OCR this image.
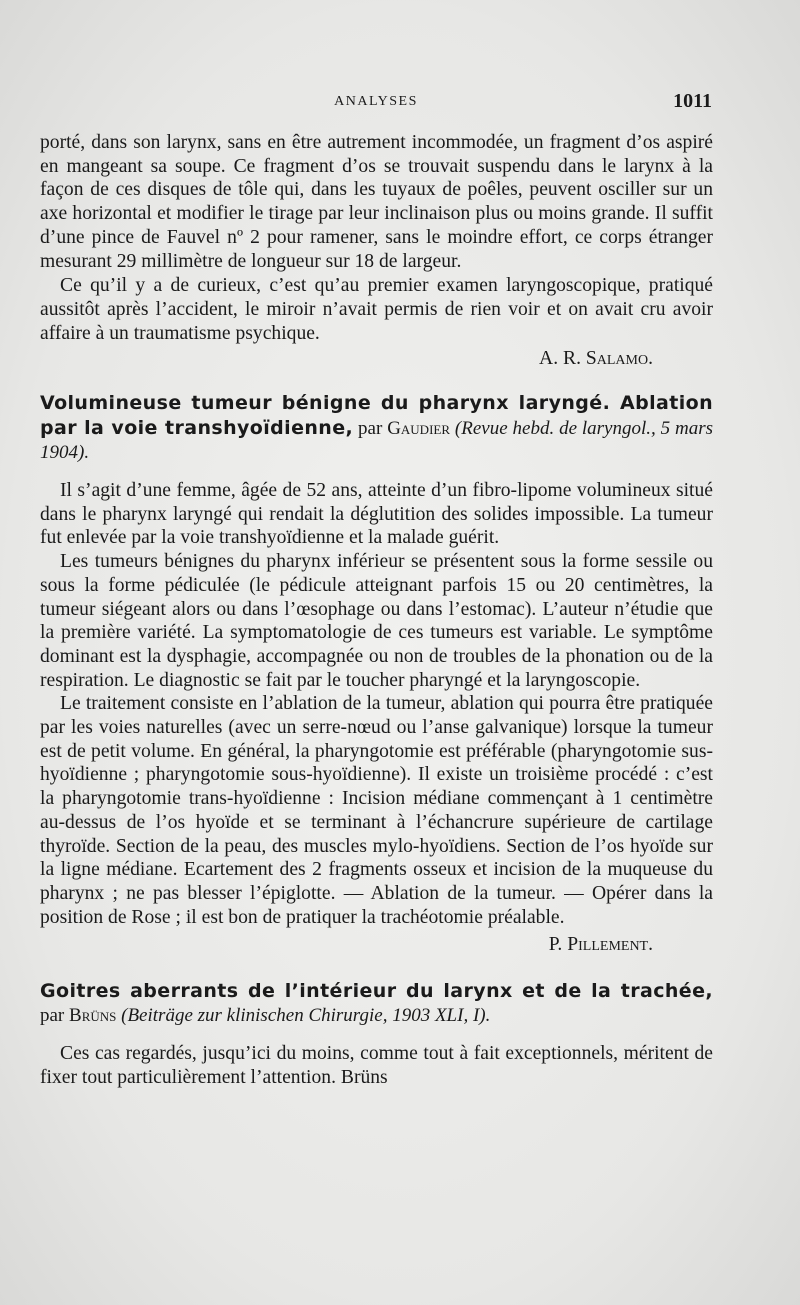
ANALYSES	1011

porté, dans son larynx, sans en être autrement incommodée, un fragment d’os aspiré en mangeant sa soupe. Ce fragment d’os se trouvait suspendu dans le larynx à la façon de ces disques de tôle qui, dans les tuyaux de poêles, peuvent osciller sur un axe horizontal et modifier le tirage par leur inclinaison plus ou moins grande. Il suffit d’une pince de Fauvel nº 2 pour ramener, sans le moindre effort, ce corps étranger mesurant 29 millimètre de longueur sur 18 de largeur.

Ce qu’il y a de curieux, c’est qu’au premier examen laryngoscopique, pratiqué aussitôt après l’accident, le miroir n’avait permis de rien voir et on avait cru avoir affaire à un traumatisme psychique.

A. R. Salamo.

Volumineuse tumeur bénigne du pharynx laryngé. Ablation par la voie transhyoïdienne, par Gaudier (Revue hebd. de laryngol., 5 mars 1904).

Il s’agit d’une femme, âgée de 52 ans, atteinte d’un fibro-lipome volumineux situé dans le pharynx laryngé qui rendait la déglutition des solides impossible. La tumeur fut enlevée par la voie transhyoïdienne et la malade guérit.

Les tumeurs bénignes du pharynx inférieur se présentent sous la forme sessile ou sous la forme pédiculée (le pédicule atteignant parfois 15 ou 20 centimètres, la tumeur siégeant alors ou dans l’œsophage ou dans l’estomac). L’auteur n’étudie que la première variété. La symptomatologie de ces tumeurs est variable. Le symptôme dominant est la dysphagie, accompagnée ou non de troubles de la phonation ou de la respiration. Le diagnostic se fait par le toucher pharyngé et la laryngoscopie.

Le traitement consiste en l’ablation de la tumeur, ablation qui pourra être pratiquée par les voies naturelles (avec un serre-nœud ou l’anse galvanique) lorsque la tumeur est de petit volume. En général, la pharyngotomie est préférable (pharyngotomie sus-hyoïdienne ; pharyngotomie sous-hyoïdienne). Il existe un troisième procédé : c’est la pharyngotomie trans-hyoïdienne : Incision médiane commençant à 1 centimètre au-dessus de l’os hyoïde et se terminant à l’échancrure supérieure de cartilage thyroïde. Section de la peau, des muscles mylo-hyoïdiens. Section de l’os hyoïde sur la ligne médiane. Ecartement des 2 fragments osseux et incision de la muqueuse du pharynx ; ne pas blesser l’épiglotte. — Ablation de la tumeur. — Opérer dans la position de Rose ; il est bon de pratiquer la trachéotomie préalable.

P. Pillement.

Goitres aberrants de l’intérieur du larynx et de la trachée, par Brüns (Beiträge zur klinischen Chirurgie, 1903 XLI, I).

Ces cas regardés, jusqu’ici du moins, comme tout à fait exceptionnels, méritent de fixer tout particulièrement l’attention. Brüns
